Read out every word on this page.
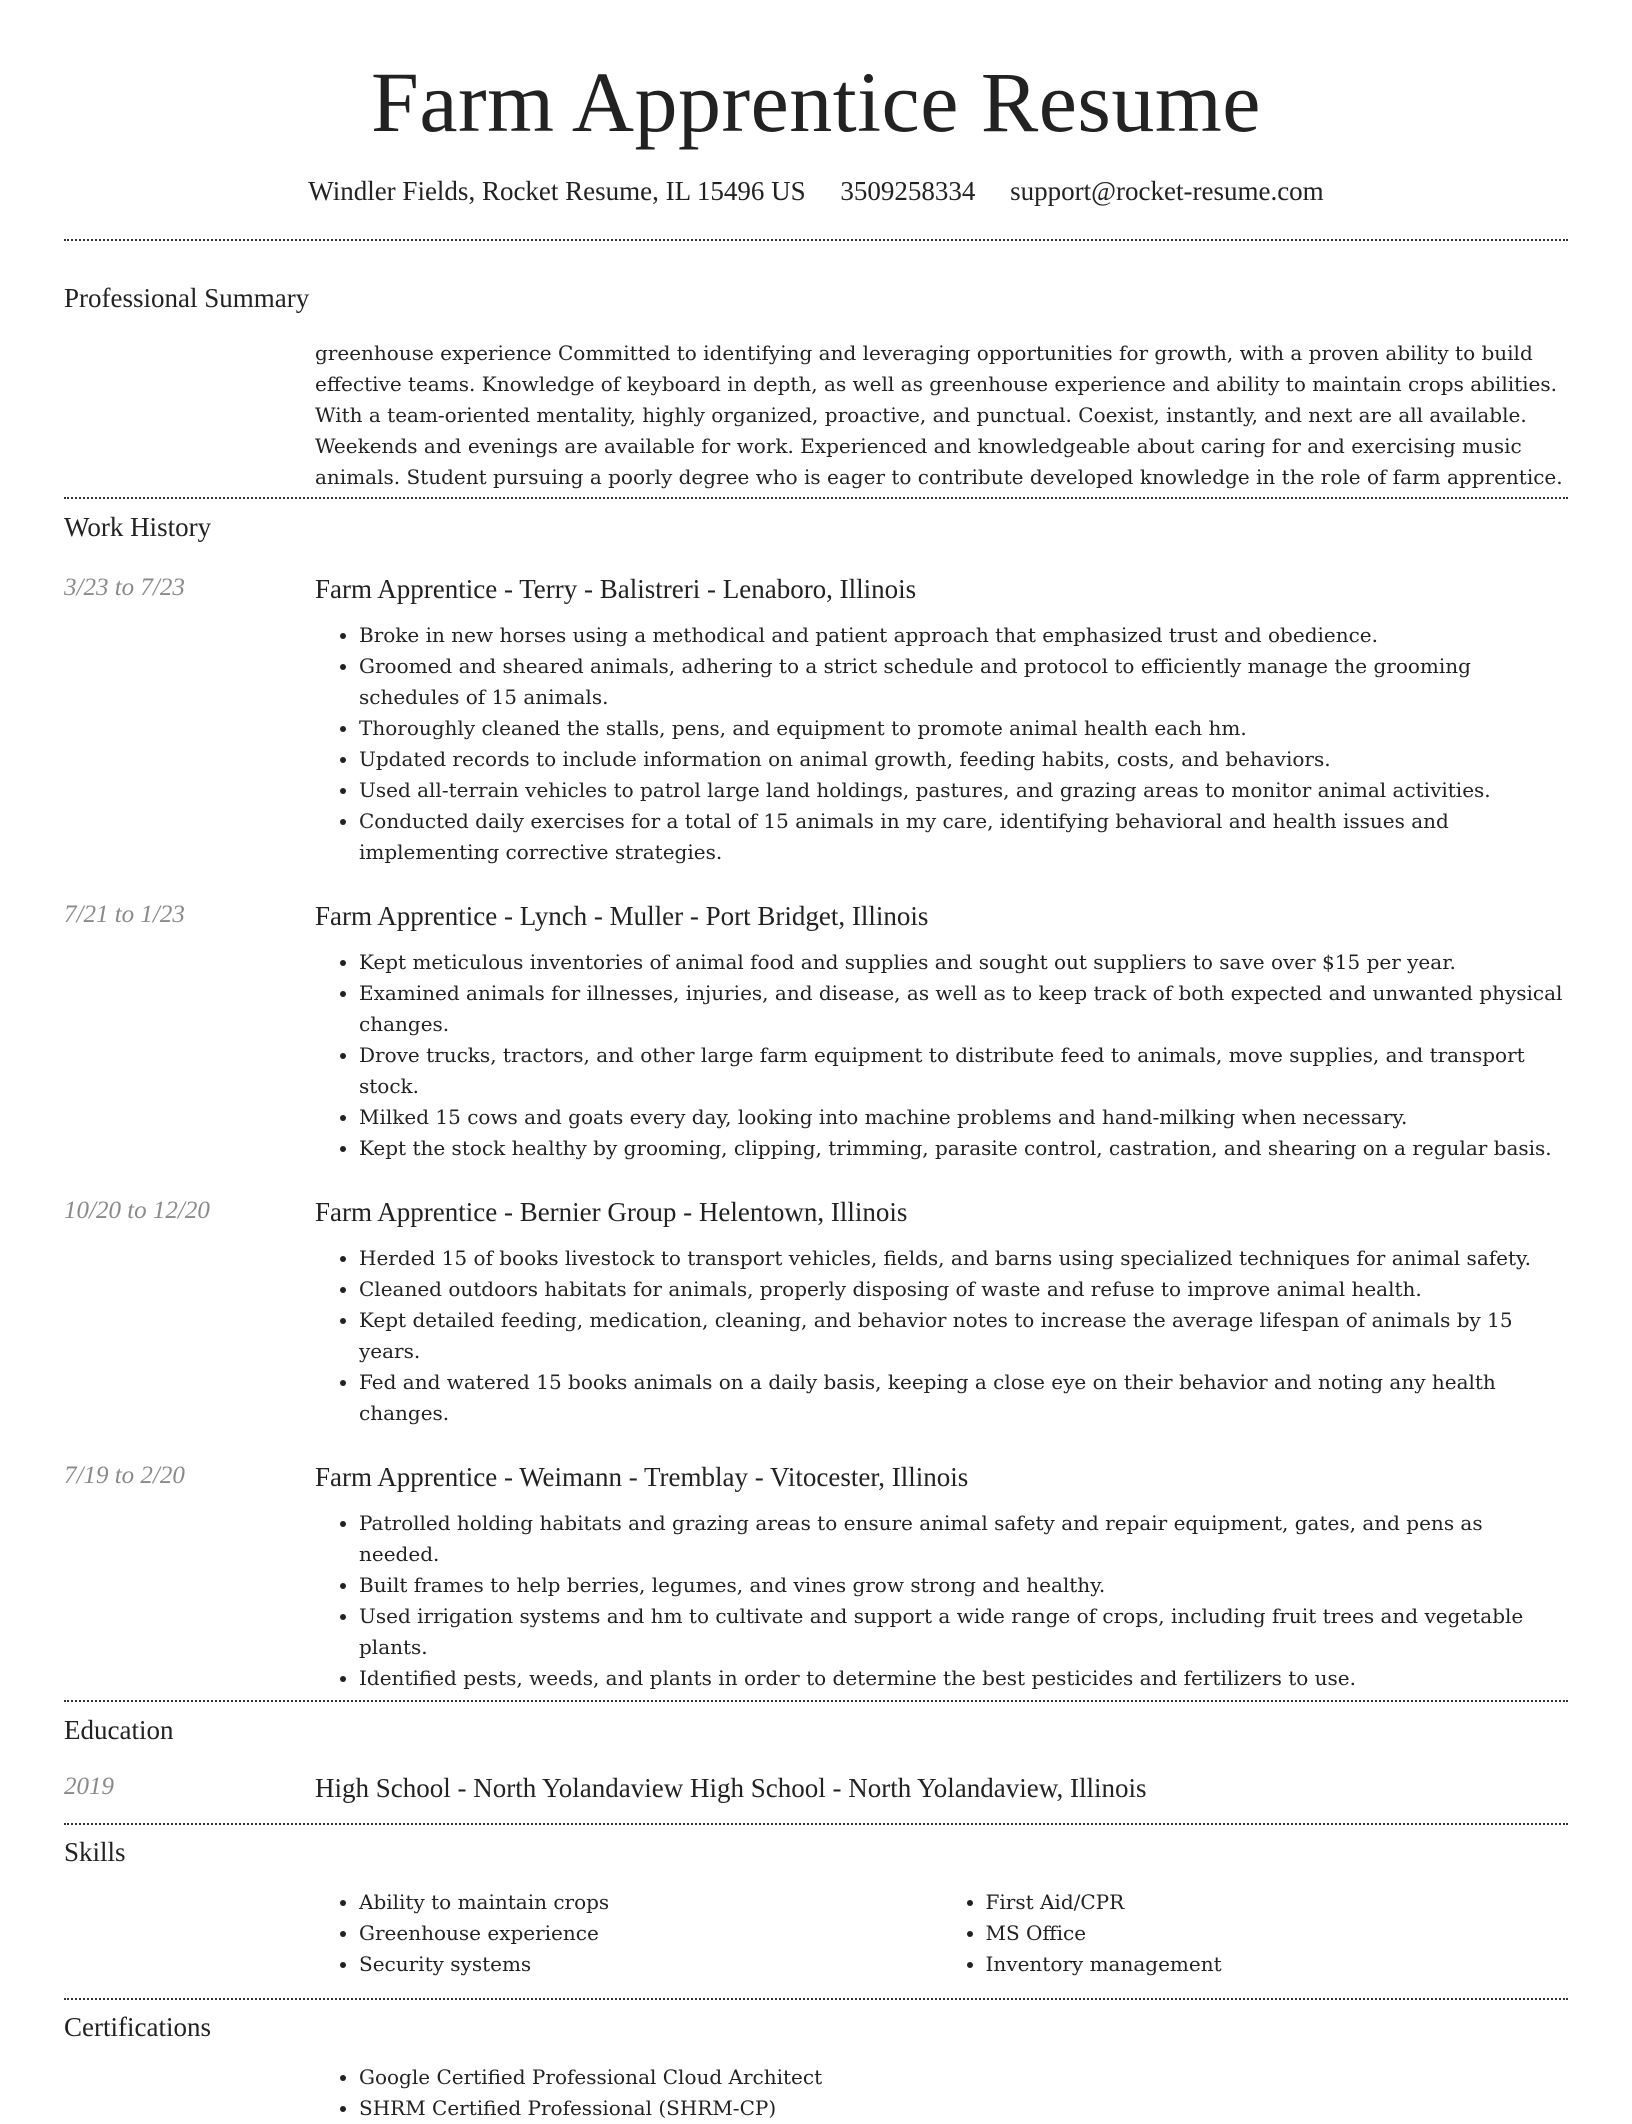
Farm Apprentice Resume
Windler Fields, Rocket Resume, IL 15496 US 3509258334 support@rocket-resume.com
Professional Summary

greenhouse experience Committed to identifying and leveraging opportunities for growth, with a proven ability to build effective teams. Knowledge of keyboard in depth, as well as greenhouse experience and ability to maintain crops abilities. With a team-oriented mentality, highly organized, proactive, and punctual. Coexist, instantly, and next are all available. Weekends and evenings are available for work. Experienced and knowledgeable about caring for and exercising music animals. Student pursuing a poorly degree who is eager to contribute developed knowledge in the role of farm apprentice.

Work History
3/23 to 7/23	Farm Apprentice - Terry - Balistreri - Lenaboro, Illinois
• Broke in new horses using a methodical and patient approach that emphasized trust and obedience.
• Groomed and sheared animals, adhering to a strict schedule and protocol to efficiently manage the grooming schedules of 15 animals.
• Thoroughly cleaned the stalls, pens, and equipment to promote animal health each hm.
• Updated records to include information on animal growth, feeding habits, costs, and behaviors.
• Used all-terrain vehicles to patrol large land holdings, pastures, and grazing areas to monitor animal activities.
• Conducted daily exercises for a total of 15 animals in my care, identifying behavioral and health issues and implementing corrective strategies.
7/21 to 1/23	Farm Apprentice - Lynch - Muller - Port Bridget, Illinois
• Kept meticulous inventories of animal food and supplies and sought out suppliers to save over $15 per year.
• Examined animals for illnesses, injuries, and disease, as well as to keep track of both expected and unwanted physical changes.
• Drove trucks, tractors, and other large farm equipment to distribute feed to animals, move supplies, and transport stock.
• Milked 15 cows and goats every day, looking into machine problems and hand-milking when necessary.
• Kept the stock healthy by grooming, clipping, trimming, parasite control, castration, and shearing on a regular basis.
10/20 to 12/20	Farm Apprentice - Bernier Group - Helentown, Illinois
• Herded 15 of books livestock to transport vehicles, fields, and barns using specialized techniques for animal safety.
• Cleaned outdoors habitats for animals, properly disposing of waste and refuse to improve animal health.
• Kept detailed feeding, medication, cleaning, and behavior notes to increase the average lifespan of animals by 15 years.
• Fed and watered 15 books animals on a daily basis, keeping a close eye on their behavior and noting any health changes.
7/19 to 2/20	Farm Apprentice - Weimann - Tremblay - Vitocester, Illinois
• Patrolled holding habitats and grazing areas to ensure animal safety and repair equipment, gates, and pens as needed.
• Built frames to help berries, legumes, and vines grow strong and healthy.
• Used irrigation systems and hm to cultivate and support a wide range of crops, including fruit trees and vegetable plants.
• Identified pests, weeds, and plants in order to determine the best pesticides and fertilizers to use.
Education
2019	High School - North Yolandaview High School - North Yolandaview, Illinois
Skills
• Ability to maintain crops
• Greenhouse experience
• Security systems
• First Aid/CPR
• MS Office
• Inventory management
Certifications
• Google Certified Professional Cloud Architect
• SHRM Certified Professional (SHRM-CP)
